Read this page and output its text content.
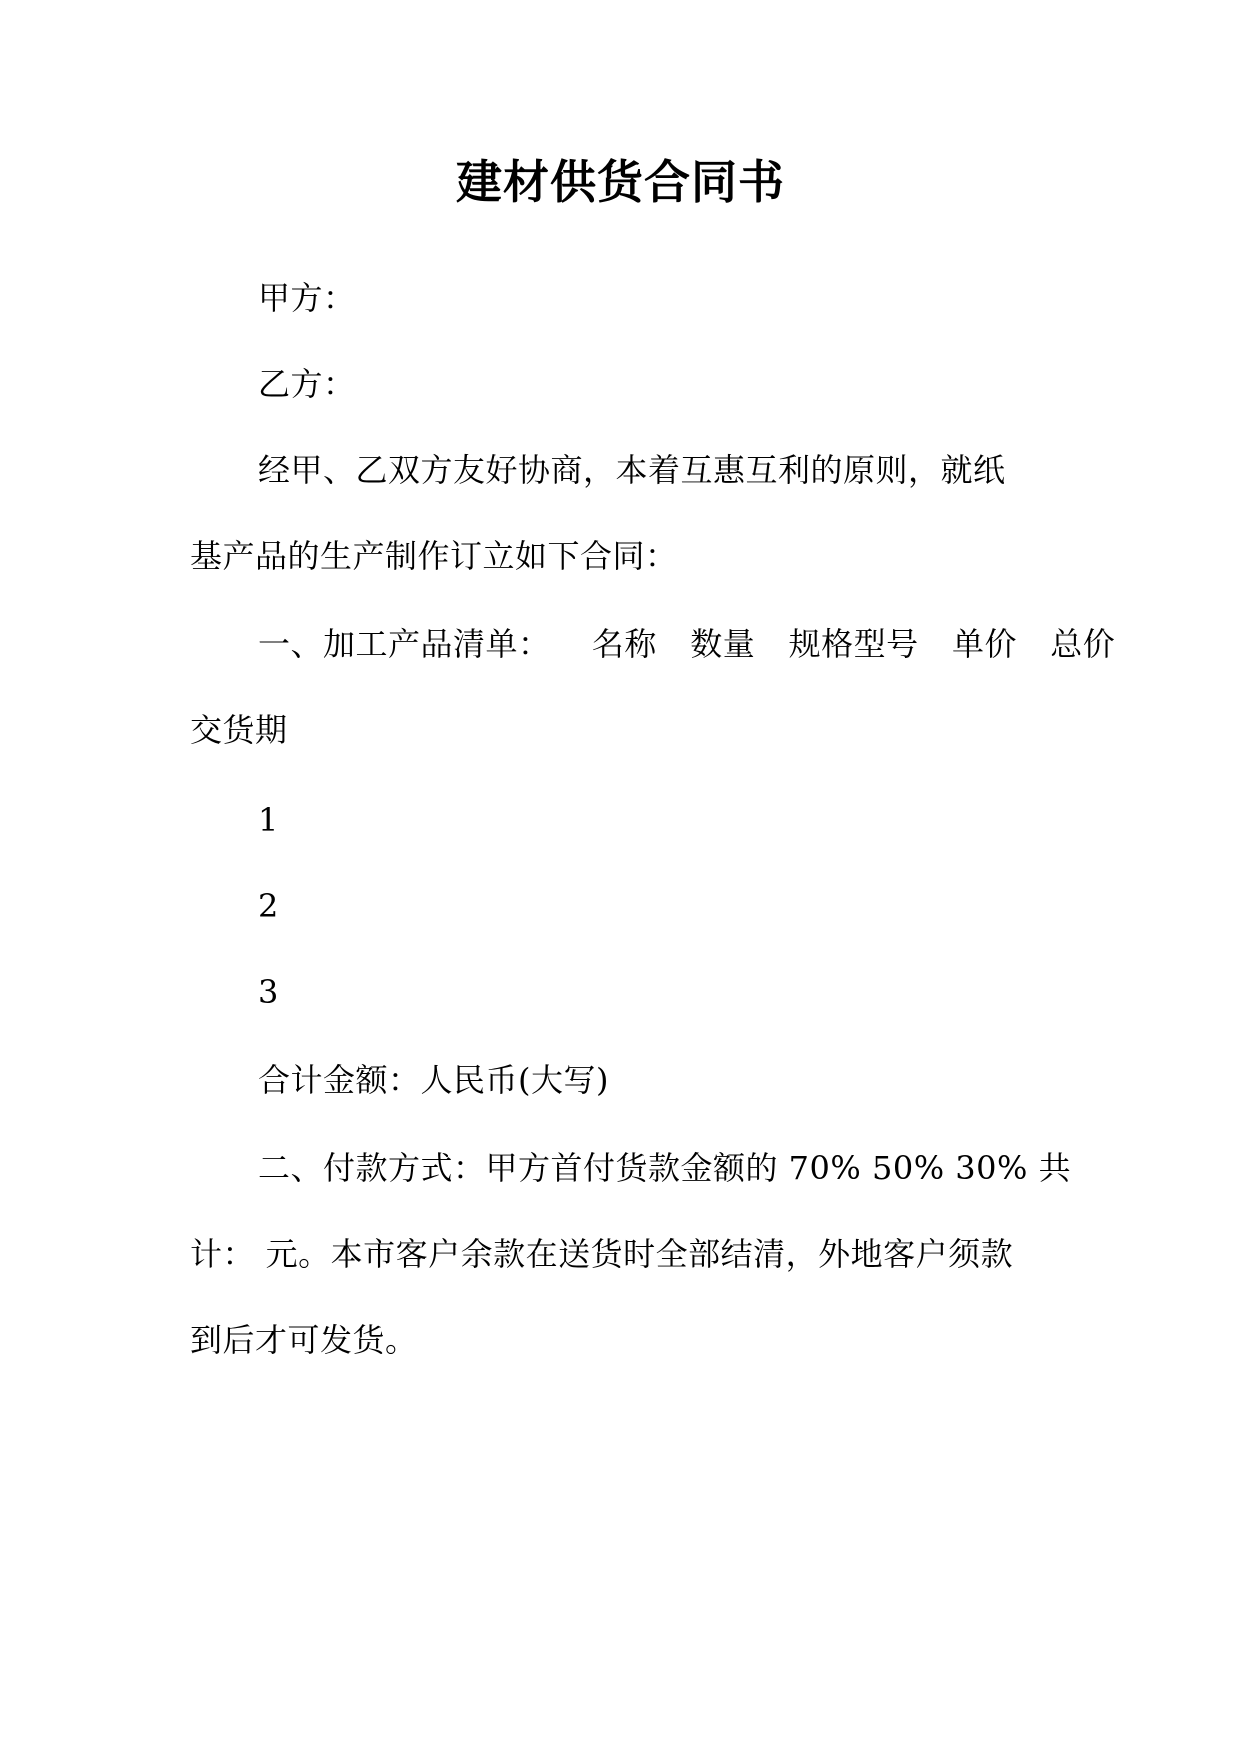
建材供货合同书
甲方：
乙方：
经甲、乙双方友好协商，本着互惠互利的原则，就纸
基产品的生产制作订立如下合同：
一、加工产品清单： 名称 数量 规格型号 单价 总价
交货期
1
2
3
合计金额：人民币(大写)
二、付款方式：甲方首付货款金额的 70% 50% 30% 共
计： 元。本市客户余款在送货时全部结清，外地客户须款
到后才可发货。
